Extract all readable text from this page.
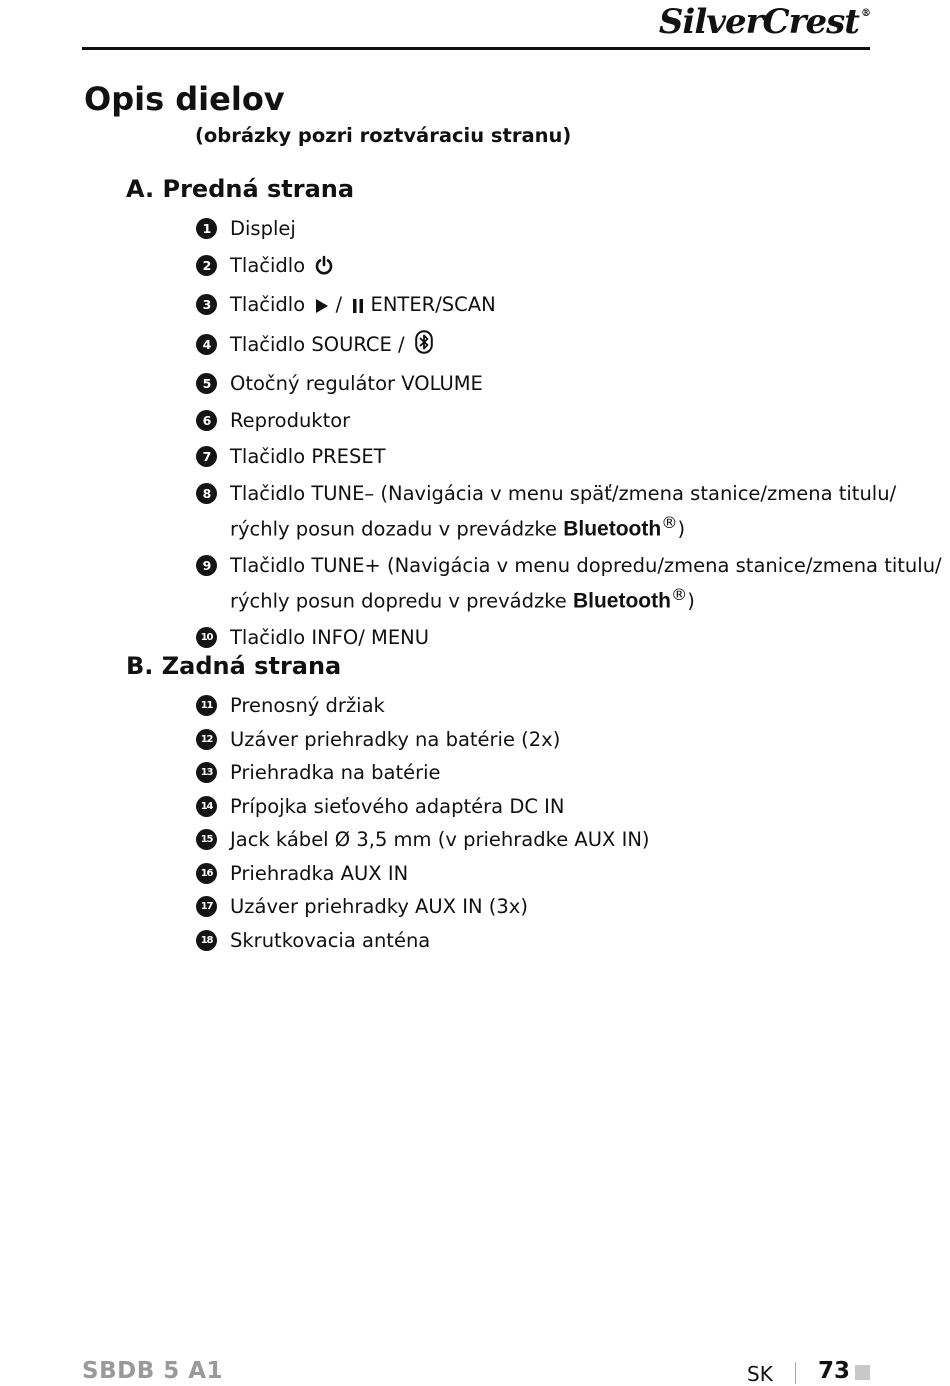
SilverCrest ®
Opis dielov
(obrázky pozri roztváraciu stranu)
A. Predná strana
1	Displej
2	Tlačidlo
3	Tlačidlo  /  ENTER/SCAN
4	Tlačidlo SOURCE /
5	Otočný regulátor VOLUME
6	Reproduktor
7	Tlačidlo PRESET
8	Tlačidlo TUNE– (Navigácia v menu späť/zmena stanice/zmena titulu/
rýchly posun dozadu v prevádzke Bluetooth®)
9	Tlačidlo TUNE+ (Navigácia v menu dopredu/zmena stanice/zmena titulu/
rýchly posun dopredu v prevádzke Bluetooth®)
10 Tlačidlo INFO/ MENU
B. Zadná strana
11 Prenosný držiak
12 Uzáver priehradky na batérie (2x)
13 Priehradka na batérie
14 Prípojka sieťového adaptéra DC IN
15 Jack kábel Ø 3,5 mm (v priehradke AUX IN)
16 Priehradka AUX IN
17 Uzáver priehradky AUX IN (3x)
18 Skrutkovacia anténa
SBDB 5 A1	SK 73
